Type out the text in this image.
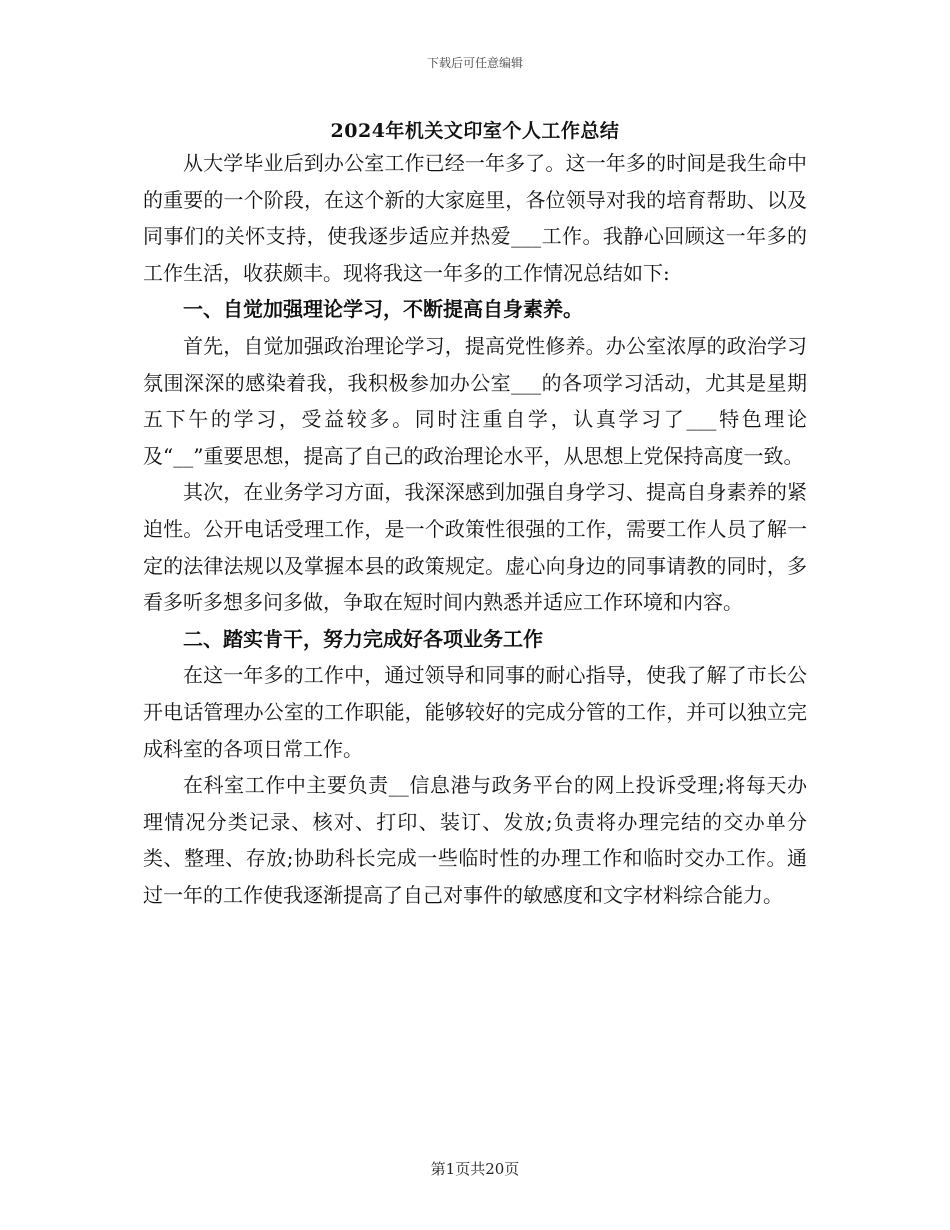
下载后可任意编辑
2024年机关文印室个人工作总结

从大学毕业后到办公室工作已经一年多了。这一年多的时间是我生命中的重要的一个阶段，在这个新的大家庭里，各位领导对我的培育帮助、以及同事们的关怀支持，使我逐步适应并热爱___工作。我静心回顾这一年多的工作生活，收获颇丰。现将我这一年多的工作情况总结如下:

一、自觉加强理论学习，不断提高自身素养。

首先，自觉加强政治理论学习，提高党性修养。办公室浓厚的政治学习氛围深深的感染着我，我积极参加办公室___的各项学习活动，尤其是星期五下午的学习，受益较多。同时注重自学，认真学习了___特色理论及“__”重要思想，提高了自己的政治理论水平，从思想上党保持高度一致。

其次，在业务学习方面，我深深感到加强自身学习、提高自身素养的紧迫性。公开电话受理工作，是一个政策性很强的工作，需要工作人员了解一定的法律法规以及掌握本县的政策规定。虚心向身边的同事请教的同时，多看多听多想多问多做，争取在短时间内熟悉并适应工作环境和内容。

二、踏实肯干，努力完成好各项业务工作

在这一年多的工作中，通过领导和同事的耐心指导，使我了解了市长公开电话管理办公室的工作职能，能够较好的完成分管的工作，并可以独立完成科室的各项日常工作。

在科室工作中主要负责__信息港与政务平台的网上投诉受理;将每天办理情况分类记录、核对、打印、装订、发放;负责将办理完结的交办单分类、整理、存放;协助科长完成一些临时性的办理工作和临时交办工作。通过一年的工作使我逐渐提高了自己对事件的敏感度和文字材料综合能力。

第1页共20页
